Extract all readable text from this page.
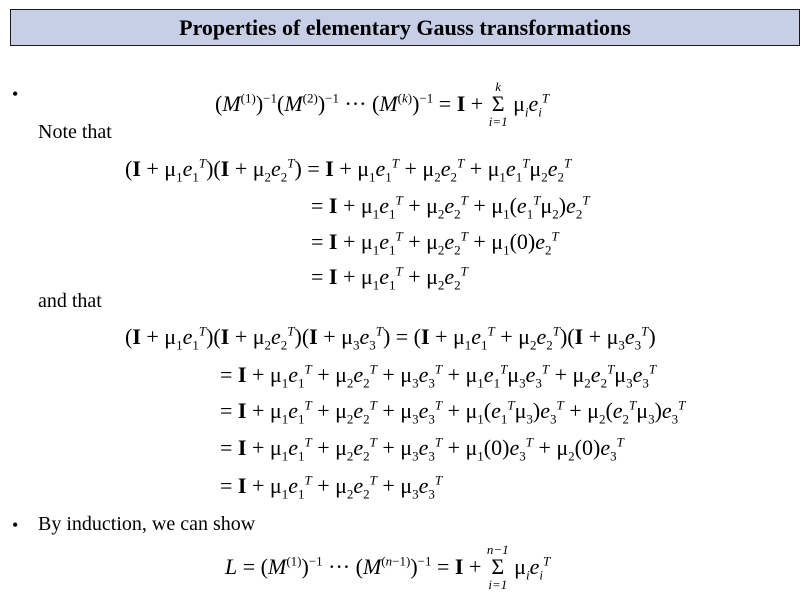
Properties of elementary Gauss transformations
•	$(M^{(1)})^{-1}(M^{(2)})^{-1}$ ··· $(M^{(k)})^{-1} = I$ +
k
Σ
i=1
$\mu_ie_i^T$
Note that
$(I + \mu_1e_1^T)(I + \mu_2e_2^T) = I + \mu_1e_1^T + \mu_2e_2^T + \mu_1e_1^T\mu_2e_2^T$
= $I + \mu_1e_1^T + \mu_2e_2^T + \mu_1(e_1^T\mu_2)e_2^T$
= $I + \mu_1e_1^T + \mu_2e_2^T + \mu_1(0)e_2^T$
= $I + \mu_1e_1^T + \mu_2e_2^T$
and that
$(I + \mu_1e_1^T)(I + \mu_2e_2^T)(I + \mu_3e_3^T) = (I + \mu_1e_1^T + \mu_2e_2^T)(I + \mu_3e_3^T)$
= $I + \mu_1e_1^T + \mu_2e_2^T + \mu_3e_3^T + \mu_1e_1^T\mu_3e_3^T + \mu_2e_2^T\mu_3e_3^T$
= $I + \mu_1e_1^T + \mu_2e_2^T + \mu_3e_3^T + \mu_1(e_1^T\mu_3)e_3^T + \mu_2(e_2^T\mu_3)e_3^T$
= $I + \mu_1e_1^T + \mu_2e_2^T + \mu_3e_3^T + \mu_1(0)e_3^T + \mu_2(0)e_3^T$
= $I + \mu_1e_1^T + \mu_2e_2^T + \mu_3e_3^T$
• By induction, we can show
$L = (M^{(1)})^{-1}$ ··· $(M^{(n-1)})^{-1} = I$ +
n−1
Σ
i=1
$\mu_ie_i^T$
